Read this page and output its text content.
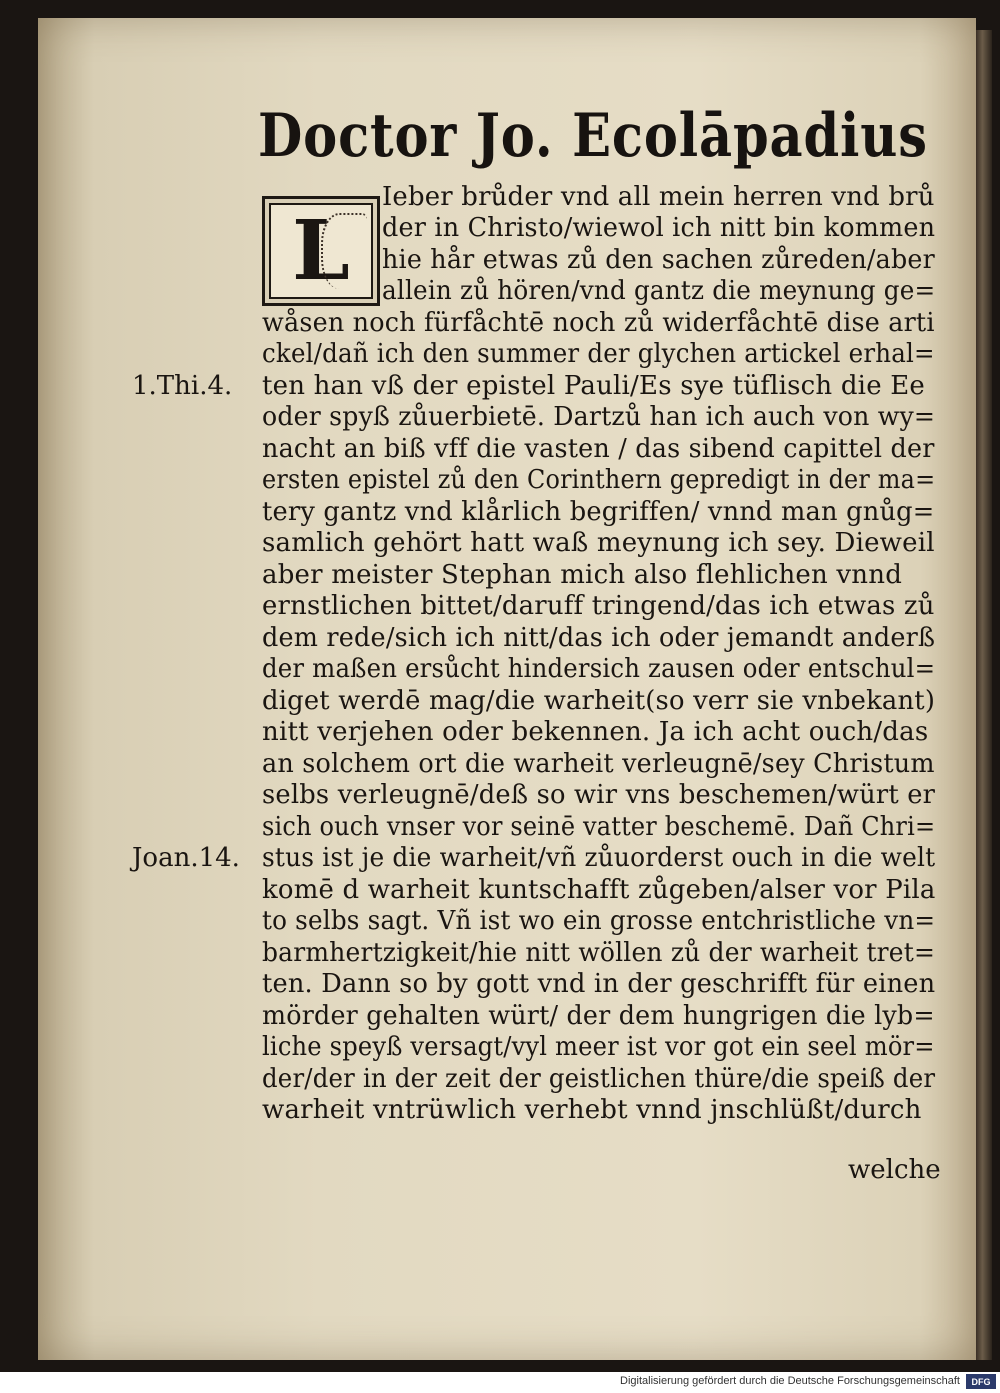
Doctor Jo. Ecolāpadius
L
Ieber brůder vnd all mein herren vnd brů
der in Christo/wiewol ich nitt bin kommen
hie hår etwas zů den sachen zůreden/aber
allein zů hören/vnd gantz die meynung ge=
wåsen noch fürfåchtē noch zů widerfåchtē dise arti
ckel/dañ ich den summer der glychen artickel erhal=
ten han vß der epistel Pauli/Es sye tüflisch die Ee
oder spyß zůuerbietē. Dartzů han ich auch von wy=
nacht an biß vff die vasten / das sibend capittel der
ersten epistel zů den Corinthern gepredigt in der ma=
tery gantz vnd klårlich begriffen/ vnnd man gnůg=
samlich gehört hatt waß meynung ich sey. Dieweil
aber meister Stephan mich also flehlichen vnnd
ernstlichen bittet/daruff tringend/das ich etwas zů
dem rede/sich ich nitt/das ich oder jemandt anderß
der maßen ersůcht hindersich zausen oder entschul=
diget werdē mag/die warheit(so verr sie vnbekant)
nitt verjehen oder bekennen. Ja ich acht ouch/das
an solchem ort die warheit verleugnē/sey Christum
selbs verleugnē/deß so wir vns beschemen/würt er
sich ouch vnser vor seinē vatter beschemē. Dañ Chri=
stus ist je die warheit/vñ zůuorderst ouch in die welt
komē d warheit kuntschafft zůgeben/alser vor Pila
to selbs sagt. Vñ ist wo ein grosse entchristliche vn=
barmhertzigkeit/hie nitt wöllen zů der warheit tret=
ten. Dann so by gott vnd in der geschrifft für einen
mörder gehalten würt/ der dem hungrigen die lyb=
liche speyß versagt/vyl meer ist vor got ein seel mör=
der/der in der zeit der geistlichen thüre/die speiß der
warheit vntrüwlich verhebt vnnd jnschlüßt/durch
1.Thi.4.
Joan.14.
welche
Digitalisierung gefördert durch die Deutsche Forschungsgemeinschaft	DFG
